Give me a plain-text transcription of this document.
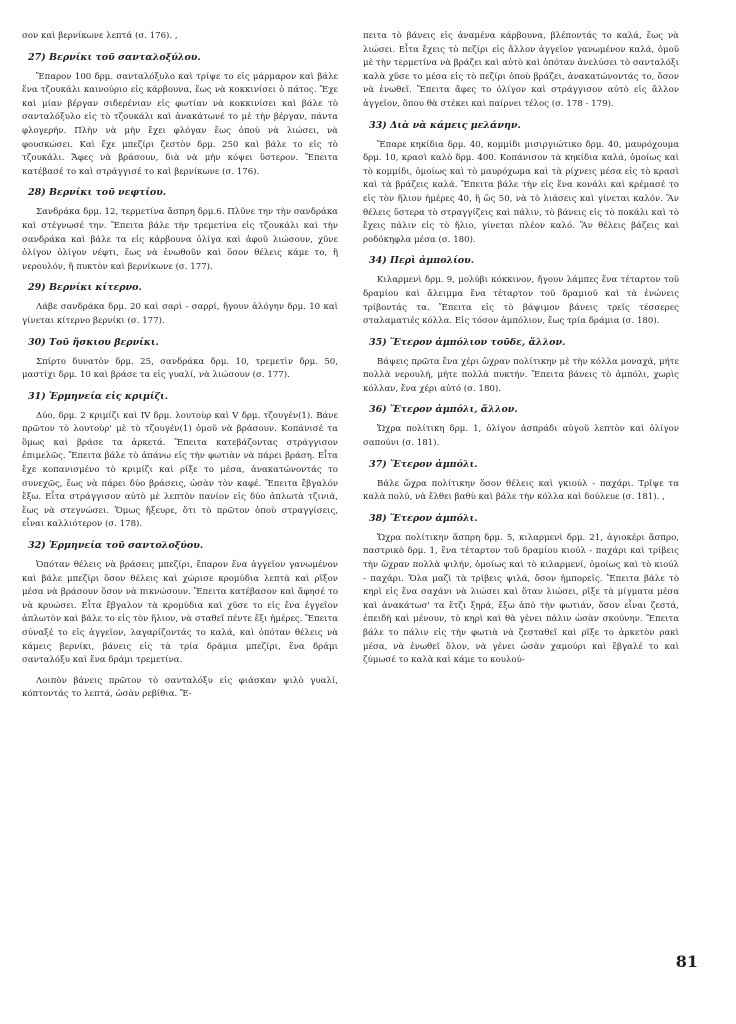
σον καὶ βερνίκωνε λεπτά (σ. 176). ,

27) Βερνίκι τοῦ σανταλοξύλου.

Ἔπαρον 100 δρμ. σανταλόξυλο καὶ τρίψε το εἰς μάρμαρον καὶ βάλε ἕνα τζουκάλι καινούριο εἰς κάρβουνα, ἕως νὰ κοκκινίσει ὁ πάτος. Ἔχε καὶ μίαν βέργαν σιδερένιαν εἰς φωτίαν νὰ κοκκινίσει καὶ βάλε τὸ σανταλόξυλο εἰς τὸ τζουκάλι καὶ ἀνακάτωνέ το μὲ τὴν βέργαν, πάντα φλογερήν. Πλὴν νὰ μὴν ἔχει φλόγαν ἕως ὁποὺ νὰ λιώσει, νὰ φουσκώσει. Καὶ ἔχε μπεζίρι ζεστὸν δρμ. 250 καὶ βάλε το εἰς τὸ τζουκάλι. Ἄφες νὰ βράσουν, διὰ νὰ μὴν κόψει ὕστερον. Ἔπειτα κατέβασέ το καὶ στράγγισέ το καὶ βερνίκωνε (σ. 176).

28) Βερνίκι τοῦ νεφτίου.

Σανδράκα δρμ. 12, τερμετίνα ἄσπρη δρμ.6. Πλῦνε την τὴν σανδράκα καὶ στέγνωσέ την. Ἔπειτα βάλε τὴν τρεμετίνα εἰς τζουκάλι καὶ τὴν σανδράκα καὶ βάλε τα εἰς κάρβουνα ὀλίγα καὶ ἀφοῦ λιώσουν, χῦνε ὀλίγον ὀλίγον νέφτι, ἕως νὰ ἑνωθοῦν καὶ ὅσον θέλεις κάμε το, ἢ νερουλόν, ἢ πυκτὸν καὶ βερνίκωνε (σ. 177).

29) Βερνίκι κίτερνο.

Λάβε σανδράκα δρμ. 20 καὶ σαρὶ - σαρρί, ἤγουν ἀλόγην δρμ. 10 καὶ γίνεται κίτερνο βερνίκι (σ. 177).

30) Τοῦ ἤσκιου βερνίκι.

Σπίρτο δυνατὸν δρμ. 25, σανδράκα δρμ. 10, τρεμετὶν δρμ. 50, μαστίχι δρμ. 10 καὶ βράσε τα εἰς γυαλί, νὰ λιώσουν (σ. 177).

31) Ἑρμηνεία εἰς κριμίζι.

Δύο, δρμ. 2 κριμίζι καὶ IV δρμ. λουτοὺρ καὶ V δρμ. τζουγέν(1). Βάνε πρῶτον τὸ λουτοὺρ' μὲ τὸ τζουγέν(1) ὁμοῦ νὰ βράσουν. Κοπάνισέ τα ὅμως καὶ βράσε τα ἀρκετά. Ἔπειτα κατεβάζοντας στράγγισον ἐπιμελῶς. Ἔπειτα βάλε τὸ ἀπάνω εἰς τὴν φωτιὰν νὰ πάρει βράση. Εἶτα ἔχε κοπανισμένο τὸ κριμίζι καὶ ρίξε το μέσα, ἀνακατώνοντάς το συνεχῶς, ἕως νὰ πάρει δύο βράσεις, ὡσὰν τὸν καφέ. Ἔπειτα ἔβγαλόν ἔξω. Εἶτα στράγγισον αὐτὸ μὲ λεπτὸν πανίον εἰς δύο ἁπλωτὰ τζινιά, ἕως νὰ στεγνώσει. Ὅμως ἤξευρε, ὅτι τὸ πρῶτον ὁποὺ στραγγίσεις, εἶναι καλλιότερον (σ. 178).

32) Ἑρμηνεία τοῦ σαντολοξύου.

Ὁπόταν θέλεις νὰ βράσεις μπεζίρι, ἔπαρον ἕνα ἀγγεῖον γανωμένον καὶ βάλε μπεζίρι ὅσον θέλεις καὶ χώρισε κρομύδια λεπτὰ καὶ ρῖξον μέσα νὰ βράσουν ὅσον νὰ πικνώσουν. Ἔπειτα κατέβασον καὶ ἄφησέ το νὰ κρυώσει. Εἶτα ἔβγαλον τὰ κρομύδια καὶ χῦσε το εἰς ἕνα ἐγγεῖον ἁπλωτὸν καὶ βάλε το εἰς τὸν ἥλιον, νὰ σταθεῖ πέντε ἕξι ἡμέρες. Ἔπειτα σύναξέ το εἰς ἀγγεῖον, λαγαρίζοντάς το καλά, καὶ ὁπόταν θέλεις νὰ κάμεις βερνίκι, βάνεις εἰς τὰ τρία δράμια μπεζίρι, ἕνα δράμι σανταλόξυ καὶ ἕνα δράμι τρεμετίνα.

Λοιπὸν βάνεις πρῶτον τὸ σανταλόξυ εἰς φιάσκαν ψιλὸ γυαλί, κόπτοντάς το λεπτά, ὡσὰν ρεβίθια. Ἔ-

πειτα τὸ βάνεις εἰς ἀναμένα κάρβουνα, βλέποντάς το καλά, ἕως νὰ λιώσει. Εἶτα ἔχεις τὸ πεζίρι εἰς ἄλλον ἀγγεῖον γανωμένον καλά, ὁμοῦ μὲ τὴν τερμετίνα νὰ βράζει καὶ αὐτὸ καὶ ὁπόταν ἀνελύσει τὸ σανταλόξι καλὰ χῦσε το μέσα εἰς τὸ πεζίρι ὁποὺ βράζει, ἀνακατώνοντάς το, ὅσον νὰ ἑνωθεῖ. Ἔπειτα ἄφες το ὀλίγον καὶ στράγγισον αὐτὸ εἰς ἄλλον ἀγγεῖον, ὅπου θὰ στέκει καὶ παίρνει τέλος (σ. 178 - 179).

33) Διὰ νὰ κάμεις μελάνην.

Ἔπαρε κηκίδια δρμ. 40, κομμίδι μισιργιώτικο δρμ. 40, μαυρόχουμα δρμ. 10, κρασὶ καλὸ δρμ. 400. Κοπάνισον τὰ κηκίδια καλά, ὁμοίως καὶ τὸ κομμίδι, ὁμοίως καὶ τὸ μαυρόχωμα καὶ τὰ ρίχνεις μέσα εἰς τὸ κρασὶ καὶ τὰ βράζεις καλά. Ἔπειτα βάλε τὴν εἰς ἕνα κονάλι καὶ κρέμασέ το εἰς τὸν ἥλιον ἡμέρες 40, ἢ ὥς 50, νὰ τὸ λιάσεις καὶ γίνεται καλόν. Ἂν θέλεις ὕστερα τὸ στραγγίζεις καὶ πάλιν, τὸ βάνεις εἰς τὸ ποκάλι καὶ τὸ ἔχεις πάλιν εἰς τὸ ἥλιο, γίνεται πλέον καλό. Ἂν θέλεις βάζεις καὶ ροδόκηφλα μέσα (σ. 180).

34) Περὶ ἀμπολίου.

Κιλαρμενὶ δρμ. 9, μολύβι κόκκινον, ἤγουν λάμπες ἕνα τέταρτον τοῦ δραμίου καὶ ἄλειμμα ἕνα τέταρτον τοῦ δραμιοῦ καὶ τὰ ἑνώνεις τρίβοντάς τα. Ἔπειτα εἰς τὸ βάψιμον βάνεις τρεῖς τέσσερες σταλαματιές κόλλα. Εἰς τόσον ἀμπόλιον, ἕως τρία δράμια (σ. 180).

35) Ἕτερον ἀμπόλιον τοῦδε, ἄλλον.

Βάψεις πρῶτα ἕνα χέρι ὤχραν πολίτικην μὲ τὴν κόλλα μοναχά, μήτε πολλὰ νερουλή, μήτε πολλὰ πυκτήν. Ἔπειτα βάνεις τὸ ἀμπόλι, χωρὶς κόλλαν, ἕνα χέρι αὐτό (σ. 180).

36) Ἕτερον ἀμπόλι, ἄλλον.

Ὤχρα πολίτικη δρμ. 1, ὀλίγον ἀσπράδι αὐγοῦ λεπτὸν καὶ ὀλίγον σαπούνι (σ. 181).

37) Ἕτερον ἀμπόλι.

Βάλε ὤχρα πολίτικην ὅσον θέλεις καὶ γκιούλ - παχάρι. Τρῖψε τα καλὰ πολύ, νὰ ἔλθει βαθὺ καὶ βάλε τὴν κόλλα καὶ δούλευε (σ. 181). ,

38) Ἕτερον ἀμπόλι.

Ὤχρα πολίτικην ἄσπρη δρμ. 5, κιλαρμενὶ δρμ. 21, ἁγιοκέρι ἄσπρο, παστρικὸ δρμ. 1, ἕνα τέταρτον τοῦ δραμίου κιούλ - παχάρι καὶ τρίβεις τὴν ὤχραν πολλὰ ψιλήν, ὁμοίως καὶ τὸ κιλαρμενί, ὁμοίως καὶ τὸ κιούλ - παχάρι. Ὅλα μαζὶ τὰ τρίβεις ψιλά, ὅσον ἠμπορεῖς. Ἔπειτα βάλε τὸ κηρὶ εἰς ἕνα σαχάνι νὰ λιώσει καὶ ὅταν λιώσει, ρῖξε τὰ μίγματα μέσα καὶ ἀνακάτωσ' τα ἔτζι ξηρά, ἔξω ἀπὸ τὴν φωτιάν, ὅσον εἶναι ζεστά, ἐπειδὴ καὶ μένουν, τὸ κηρὶ καὶ θὰ γένει πάλιν ὡσὰν σκούνην. Ἔπειτα βάλε το πάλιν εἰς τὴν φωτιὰ νὰ ζεσταθεῖ καὶ ρῖξε το ἀρκετὸν ρακὶ μέσα, νὰ ἑνωθεῖ ὅλον, νὰ γένει ὡσὰν χαμούρι καὶ ἔβγαλέ το καὶ ζύμωσέ το καλὰ καὶ κάμε το κουλού-

81
